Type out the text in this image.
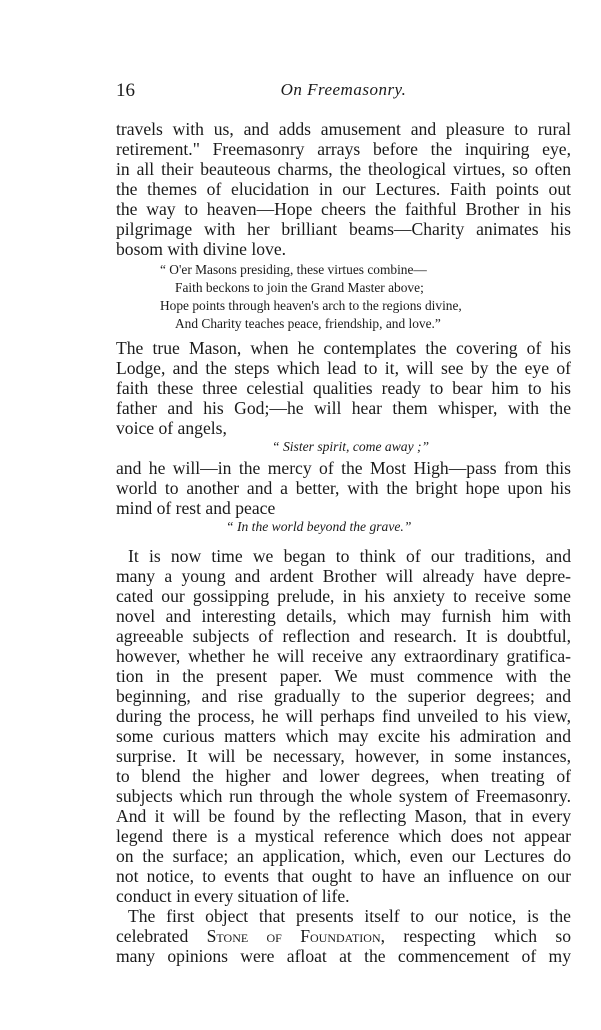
16	On Freemasonry.
travels with us, and adds amusement and pleasure to rural
retirement." Freemasonry arrays before the inquiring eye,
in all their beauteous charms, the theological virtues, so often
the themes of elucidation in our Lectures. Faith points out
the way to heaven—Hope cheers the faithful Brother in his
pilgrimage with her brilliant beams—Charity animates his
bosom with divine love.
“ O'er Masons presiding, these virtues combine—
Faith beckons to join the Grand Master above;
Hope points through heaven's arch to the regions divine,
And Charity teaches peace, friendship, and love.”
The true Mason, when he contemplates the covering of his
Lodge, and the steps which lead to it, will see by the eye of
faith these three celestial qualities ready to bear him to his
father and his God;—he will hear them whisper, with the
voice of angels,
“ Sister spirit, come away ;”
and he will—in the mercy of the Most High—pass from this
world to another and a better, with the bright hope upon his
mind of rest and peace
“ In the world beyond the grave.”
It is now time we began to think of our traditions, and
many a young and ardent Brother will already have depre-
cated our gossipping prelude, in his anxiety to receive some
novel and interesting details, which may furnish him with
agreeable subjects of reflection and research. It is doubtful,
however, whether he will receive any extraordinary gratifica-
tion in the present paper. We must commence with the
beginning, and rise gradually to the superior degrees; and
during the process, he will perhaps find unveiled to his view,
some curious matters which may excite his admiration and
surprise. It will be necessary, however, in some instances,
to blend the higher and lower degrees, when treating of
subjects which run through the whole system of Freemasonry.
And it will be found by the reflecting Mason, that in every
legend there is a mystical reference which does not appear
on the surface; an application, which, even our Lectures do
not notice, to events that ought to have an influence on our
conduct in every situation of life.
The first object that presents itself to our notice, is the
celebrated Stone of Foundation, respecting which so
many opinions were afloat at the commencement of my
